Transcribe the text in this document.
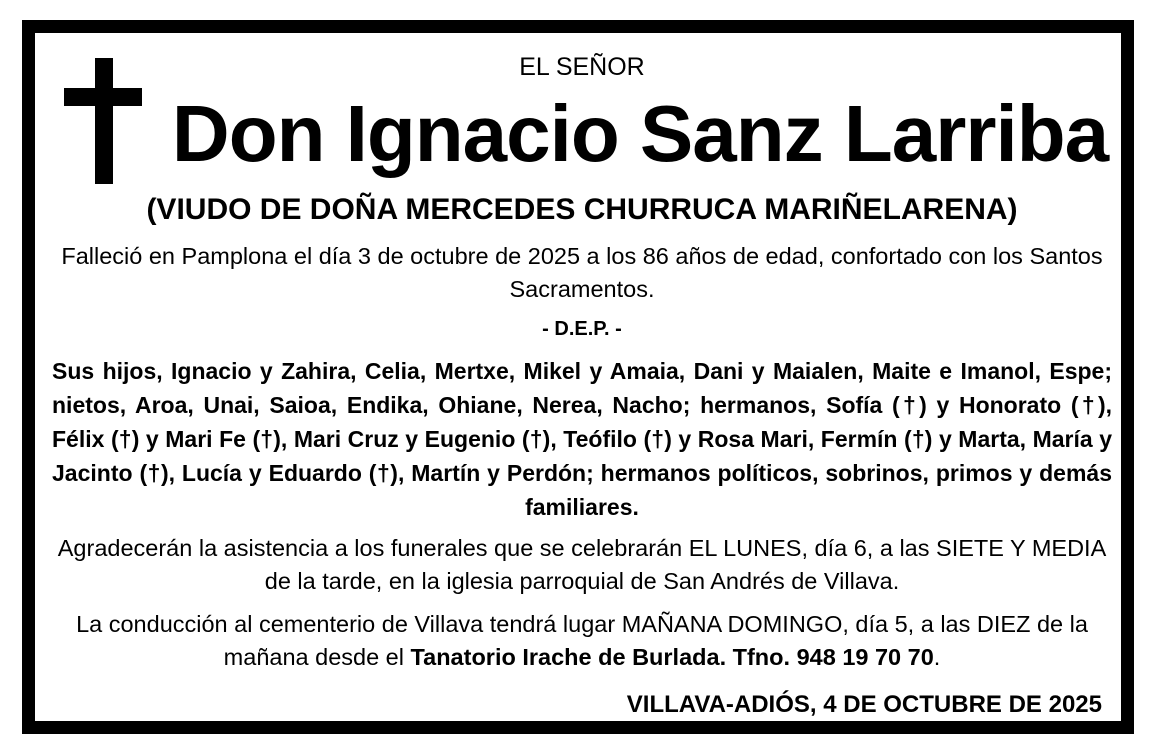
EL SEÑOR

Don Ignacio Sanz Larriba

(VIUDO DE DOÑA MERCEDES CHURRUCA MARIÑELARENA)

Falleció en Pamplona el día 3 de octubre de 2025 a los 86 años de edad, confortado con los Santos Sacramentos.

- D.E.P. -

Sus hijos, Ignacio y Zahira, Celia, Mertxe, Mikel y Amaia, Dani y Maialen, Maite e Imanol, Espe; nietos, Aroa, Unai, Saioa, Endika, Ohiane, Nerea, Nacho; hermanos, Sofía (†) y Honorato (†), Félix (†) y Mari Fe (†), Mari Cruz y Eugenio (†), Teófilo (†) y Rosa Mari, Fermín (†) y Marta, María y Jacinto (†), Lucía y Eduardo (†), Martín y Perdón; hermanos políticos, sobrinos, primos y demás familiares.

Agradecerán la asistencia a los funerales que se celebrarán EL LUNES, día 6, a las SIETE Y MEDIA de la tarde, en la iglesia parroquial de San Andrés de Villava.

La conducción al cementerio de Villava tendrá lugar MAÑANA DOMINGO, día 5, a las DIEZ de la mañana desde el Tanatorio Irache de Burlada. Tfno. 948 19 70 70.

VILLAVA-ADIÓS, 4 DE OCTUBRE DE 2025
